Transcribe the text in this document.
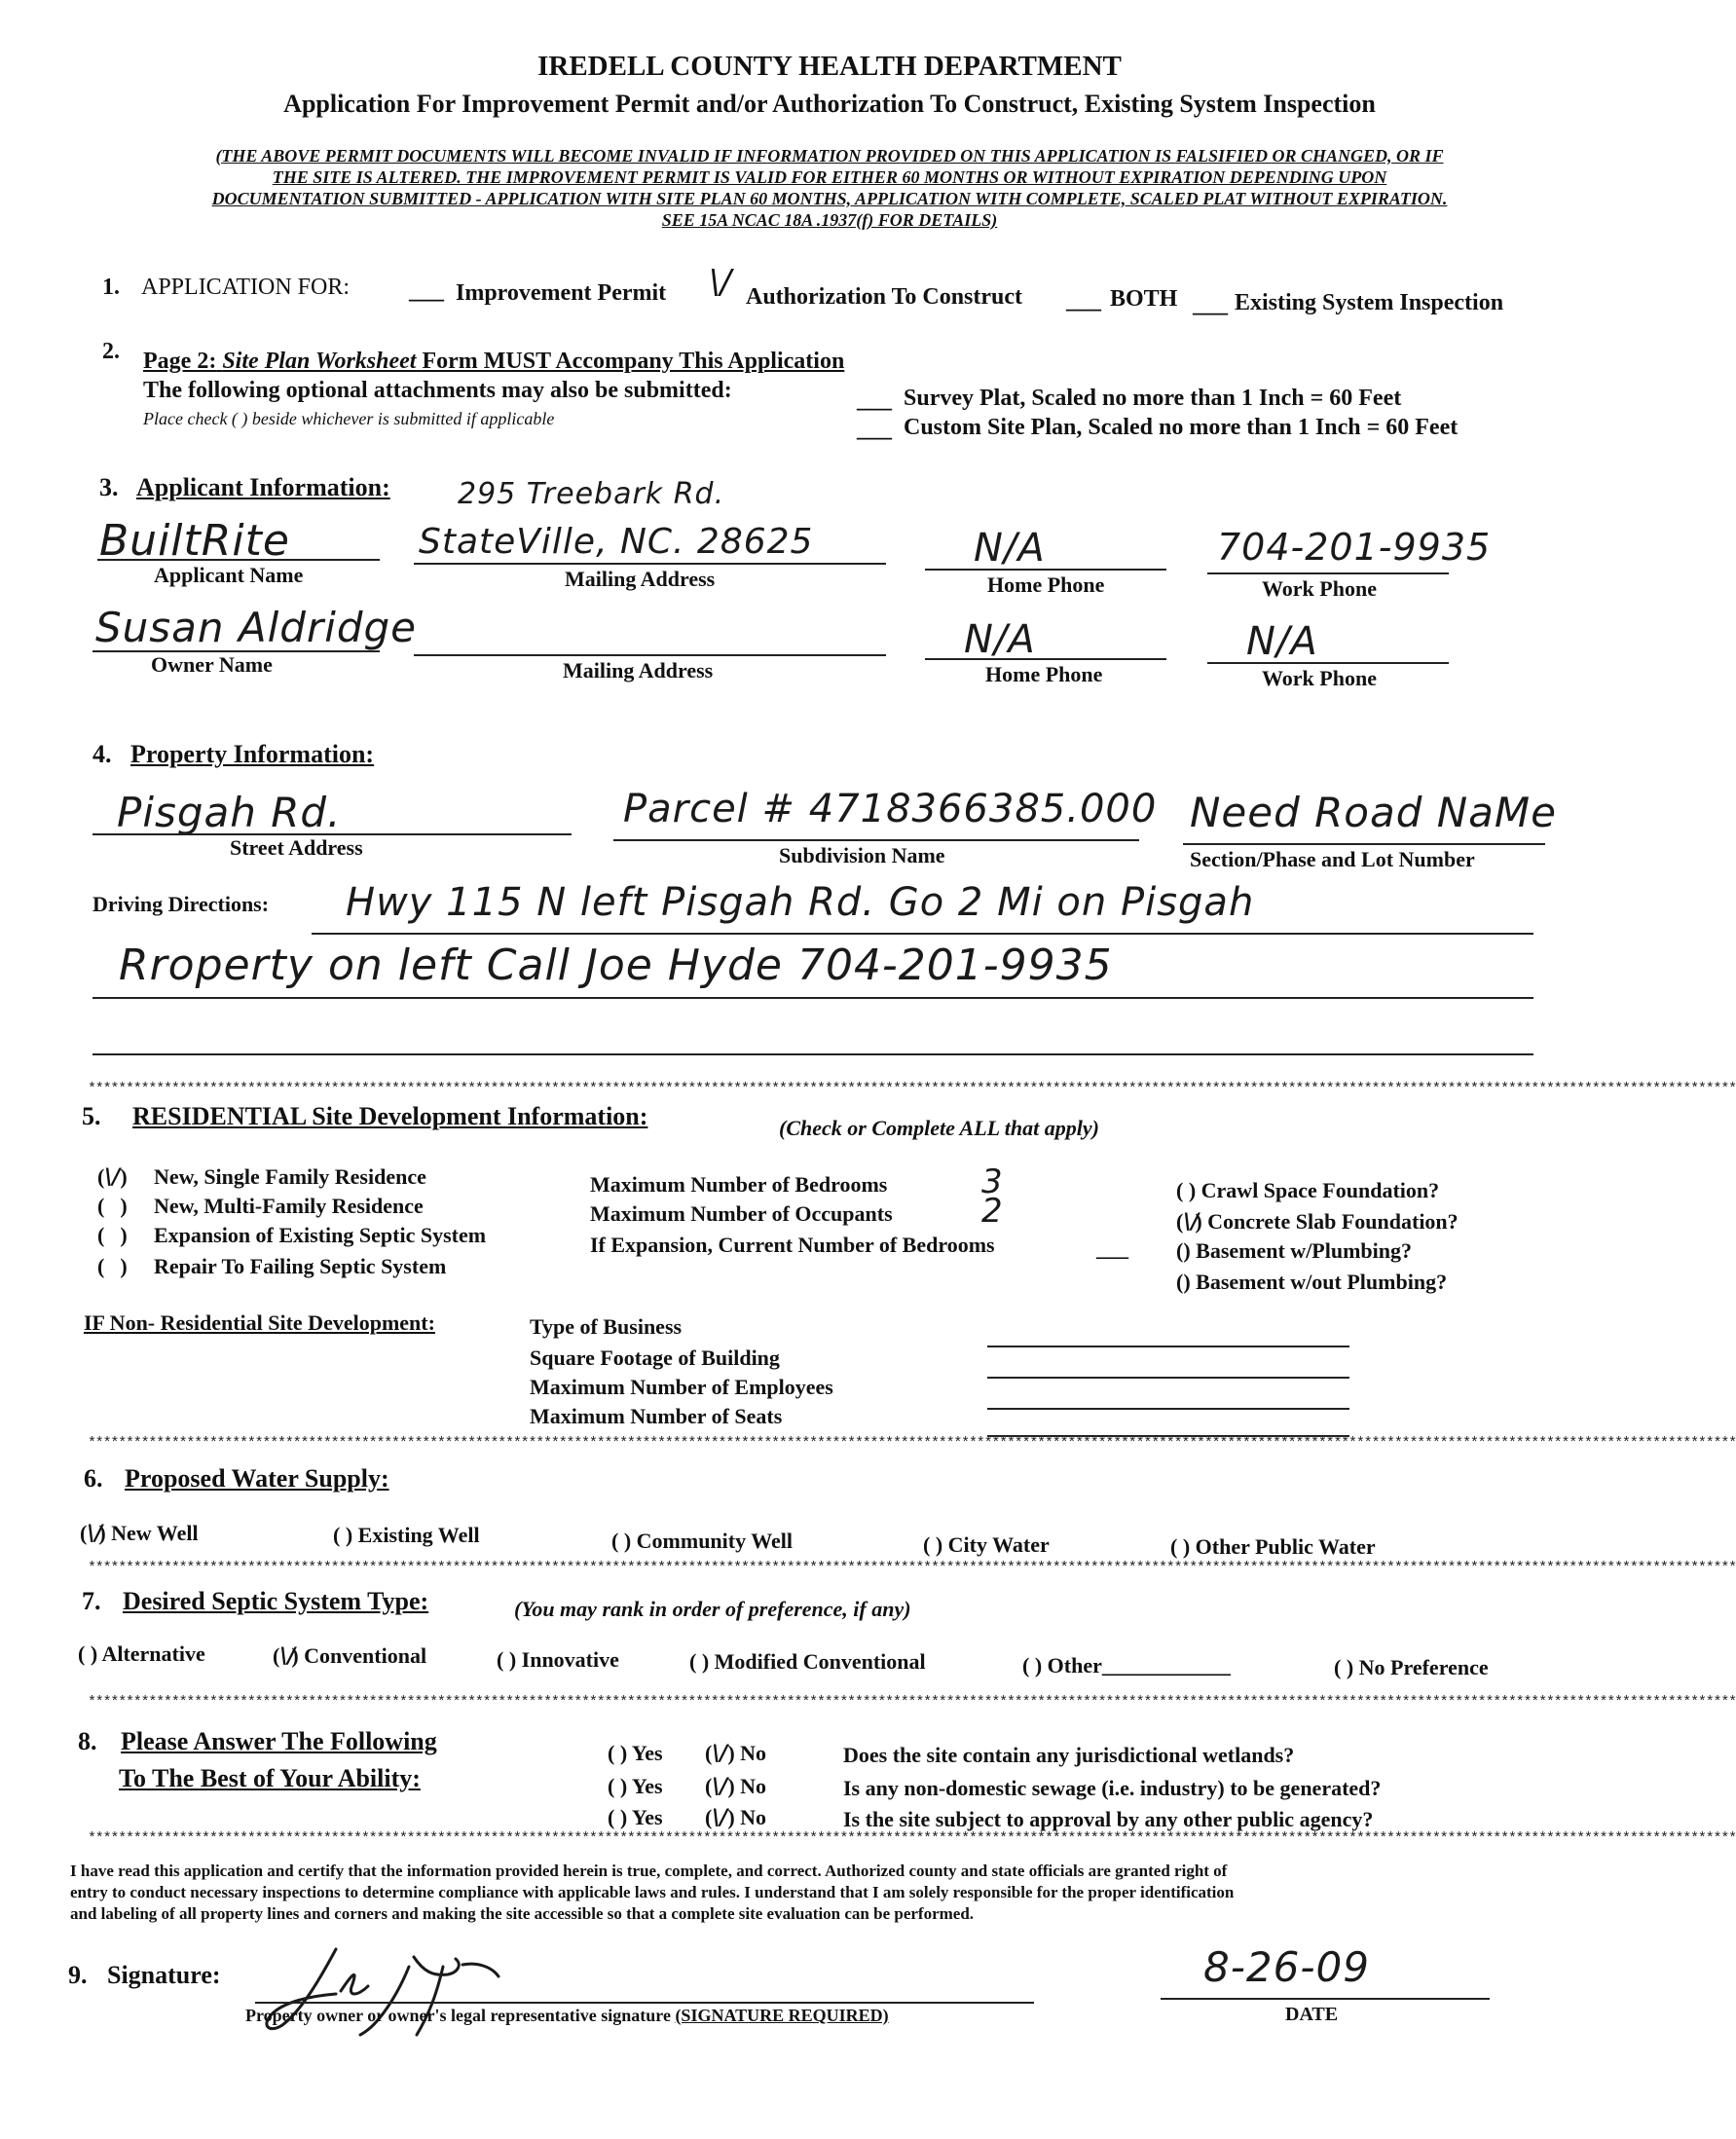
IREDELL COUNTY HEALTH DEPARTMENT
Application For Improvement Permit and/or Authorization To Construct, Existing System Inspection
(THE ABOVE PERMIT DOCUMENTS WILL BECOME INVALID IF INFORMATION PROVIDED ON THIS APPLICATION IS FALSIFIED OR CHANGED, OR IF
THE SITE IS ALTERED. THE IMPROVEMENT PERMIT IS VALID FOR EITHER 60 MONTHS OR WITHOUT EXPIRATION DEPENDING UPON
DOCUMENTATION SUBMITTED - APPLICATION WITH SITE PLAN 60 MONTHS, APPLICATION WITH COMPLETE, SCALED PLAT WITHOUT EXPIRATION.
SEE 15A NCAC 18A .1937(f) FOR DETAILS)
1. APPLICATION FOR:	___ Improvement Permit \/ Authorization To Construct ___ BOTH ___ Existing System Inspection
2. Page 2: Site Plan Worksheet Form MUST Accompany This Application
The following optional attachments may also be submitted:
Place check ( ) beside whichever is submitted if applicable
___ Survey Plat, Scaled no more than 1 Inch = 60 Feet
___ Custom Site Plan, Scaled no more than 1 Inch = 60 Feet
3. Applicant Information: 295 Treebark Rd.
BuiltRite
Applicant Name
StateVille, NC. 28625
Mailing Address
N/A
Home Phone
704-201-9935
Work Phone
Susan Aldridge
Owner Name	Mailing Address
N/A
Home Phone
N/A
Work Phone
4. Property Information:
Pisgah Rd.
Street Address
Parcel # 4718366385.000
Subdivision Name
Need Road NaMe
Section/Phase and Lot Number
Driving Directions: Hwy 115 N left Pisgah Rd. Go 2 Mi on Pisgah
Rroperty on left Call Joe Hyde 704-201-9935
*************************************************************************************************************************************************************************************************************************
5. RESIDENTIAL Site Development Information:	(Check or Complete ALL that apply)
(\/) New, Single Family Residence
( ) New, Multi-Family Residence
( ) Expansion of Existing Septic System
( ) Repair To Failing Septic System
Maximum Number of Bedrooms	3
Maximum Number of Occupants	2
If Expansion, Current Number of Bedrooms	___
( ) Crawl Space Foundation?
(\/) Concrete Slab Foundation?
() Basement w/Plumbing?
() Basement w/out Plumbing?
IF Non- Residential Site Development:	Type of Business
Square Footage of Building
Maximum Number of Employees
Maximum Number of Seats
*************************************************************************************************************************************************************************************************************************
6. Proposed Water Supply:
(\/) New Well	( ) Existing Well	( ) Community Well	( ) City Water	( ) Other Public Water
*************************************************************************************************************************************************************************************************************************
7. Desired Septic System Type:	(You may rank in order of preference, if any)
( ) Alternative	(\/) Conventional	( ) Innovative	( ) Modified Conventional	( ) Other____________	( ) No Preference
*************************************************************************************************************************************************************************************************************************
8. Please Answer The Following
To The Best of Your Ability:
( ) Yes (\/) No	Does the site contain any jurisdictional wetlands?
( ) Yes (\/) No	Is any non-domestic sewage (i.e. industry) to be generated?
( ) Yes (\/) No	Is the site subject to approval by any other public agency?
*************************************************************************************************************************************************************************************************************************
I have read this application and certify that the information provided herein is true, complete, and correct. Authorized county and state officials are granted right of
entry to conduct necessary inspections to determine compliance with applicable laws and rules. I understand that I am solely responsible for the proper identification
and labeling of all property lines and corners and making the site accessible so that a complete site evaluation can be performed.
9. Signature:
Property owner or owner's legal representative signature (SIGNATURE REQUIRED)
8-26-09
DATE
